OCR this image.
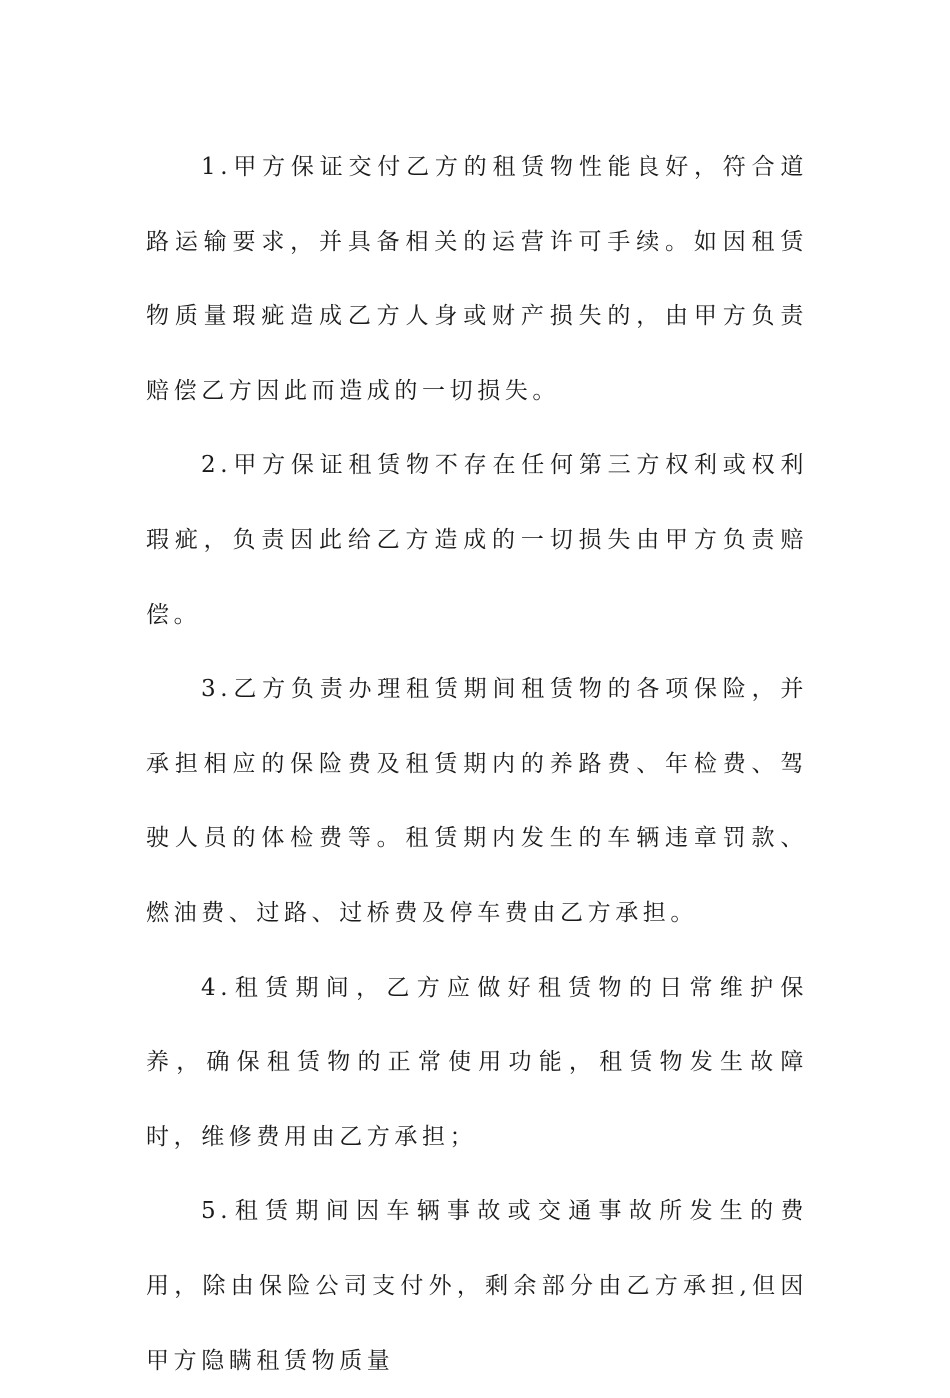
1.甲方保证交付乙方的租赁物性能良好，符合道路运输要求，并具备相关的运营许可手续。如因租赁物质量瑕疵造成乙方人身或财产损失的，由甲方负责赔偿乙方因此而造成的一切损失。

2.甲方保证租赁物不存在任何第三方权利或权利瑕疵，负责因此给乙方造成的一切损失由甲方负责赔偿。

3.乙方负责办理租赁期间租赁物的各项保险，并承担相应的保险费及租赁期内的养路费、年检费、驾驶人员的体检费等。租赁期内发生的车辆违章罚款、燃油费、过路、过桥费及停车费由乙方承担。

4.租赁期间，乙方应做好租赁物的日常维护保养，确保租赁物的正常使用功能，租赁物发生故障时，维修费用由乙方承担；

5.租赁期间因车辆事故或交通事故所发生的费用，除由保险公司支付外，剩余部分由乙方承担,但因甲方隐瞒租赁物质量
